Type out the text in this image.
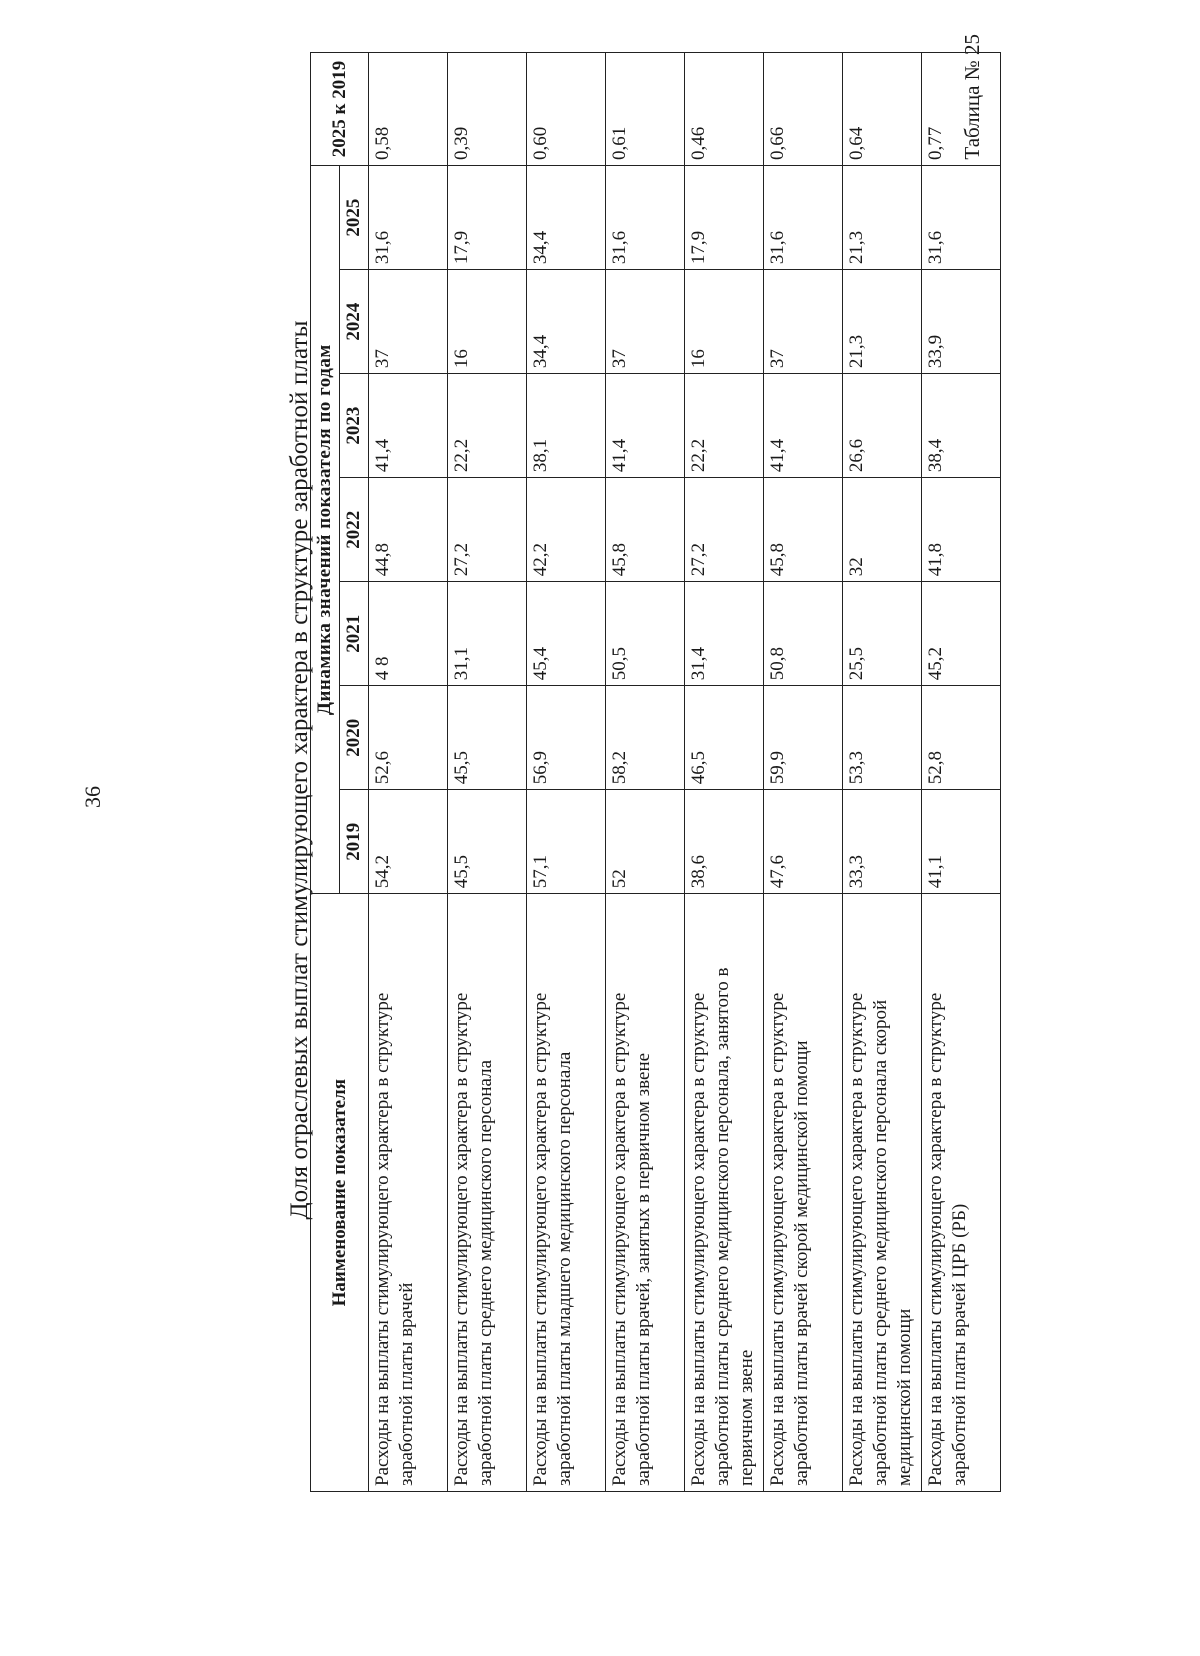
36
Таблица № 25
Доля отраслевых выплат стимулирующего характера в структуре заработной платы Наименование показателя	Динамика значений показателя по годам							2025 к 2019
	2019	2020	2021	2022	2023	2024	2025	
Расходы на выплаты стимулирующего характера в структуре заработной платы врачей	54,2	52,6	4 8	44,8	41,4	37	31,6	0,58
Расходы на выплаты стимулирующего характера в структуре заработной платы среднего медицинского персонала	45,5	45,5	31,1	27,2	22,2	16	17,9	0,39
Расходы на выплаты стимулирующего характера в структуре заработной платы младшего медицинского персонала	57,1	56,9	45,4	42,2	38,1	34,4	34,4	0,60
Расходы на выплаты стимулирующего характера в структуре заработной платы врачей, занятых в первичном звене	52	58,2	50,5	45,8	41,4	37	31,6	0,61
Расходы на выплаты стимулирующего характера в структуре заработной платы среднего медицинского персонала, занятого в первичном звене	38,6	46,5	31,4	27,2	22,2	16	17,9	0,46
Расходы на выплаты стимулирующего характера в структуре заработной платы врачей скорой медицинской помощи	47,6	59,9	50,8	45,8	41,4	37	31,6	0,66
Расходы на выплаты стимулирующего характера в структуре заработной платы среднего медицинского персонала скорой медицинской помощи	33,3	53,3	25,5	32	26,6	21,3	21,3	0,64
Расходы на выплаты стимулирующего характера в структуре заработной платы врачей ЦРБ (РБ)	41,1	52,8	45,2	41,8	38,4	33,9	31,6	0,77
